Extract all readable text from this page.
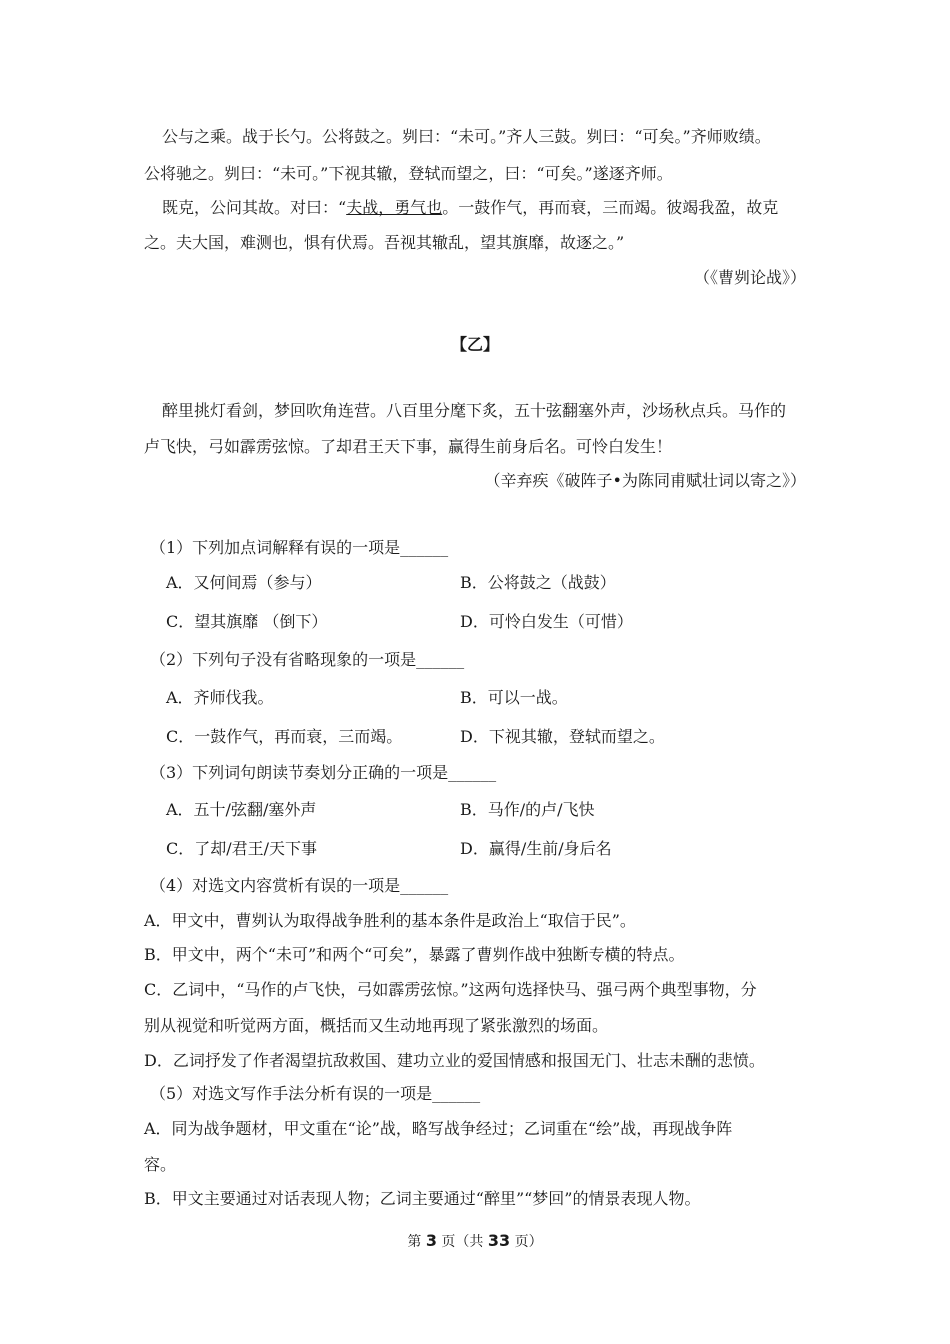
公与之乘。战于长勺。公将鼓之。刿曰：“未可。”齐人三鼓。刿曰：“可矣。”齐师败绩。
公将驰之。刿曰：“未可。”下视其辙，登轼而望之，曰：“可矣。”遂逐齐师。
既克，公问其故。对曰：“夫战，勇气也。一鼓作气，再而衰，三而竭。彼竭我盈，故克
之。夫大国，难测也，惧有伏焉。吾视其辙乱，望其旗靡，故逐之。”
（《曹刿论战》）
【乙】
醉里挑灯看剑，梦回吹角连营。八百里分麾下炙，五十弦翻塞外声，沙场秋点兵。马作的
卢飞快，弓如霹雳弦惊。了却君王天下事，赢得生前身后名。可怜白发生！
（辛弃疾《破阵子•为陈同甫赋壮词以寄之》）
（1）下列加点词解释有误的一项是______
A．又何间焉（参与）	B．公将鼓之（战鼓）
C．望其旗靡 （倒下）	D．可怜白发生（可惜）
（2）下列句子没有省略现象的一项是______
A．齐师伐我。	B．可以一战。
C．一鼓作气，再而衰，三而竭。	D．下视其辙，登轼而望之。
（3）下列词句朗读节奏划分正确的一项是______
A．五十/弦翻/塞外声	B．马作/的卢/飞快
C．了却/君王/天下事	D．赢得/生前/身后名
（4）对选文内容赏析有误的一项是______
A．甲文中，曹刿认为取得战争胜利的基本条件是政治上“取信于民”。
B．甲文中，两个“未可”和两个“可矣”，暴露了曹刿作战中独断专横的特点。
C．乙词中，“马作的卢飞快，弓如霹雳弦惊。”这两句选择快马、强弓两个典型事物，分
别从视觉和听觉两方面，概括而又生动地再现了紧张激烈的场面。
D．乙词抒发了作者渴望抗敌救国、建功立业的爱国情感和报国无门、壮志未酬的悲愤。
（5）对选文写作手法分析有误的一项是______
A．同为战争题材，甲文重在“论”战，略写战争经过；乙词重在“绘”战，再现战争阵
容。
B．甲文主要通过对话表现人物；乙词主要通过“醉里”“梦回”的情景表现人物。
第 3 页（共 33 页）
